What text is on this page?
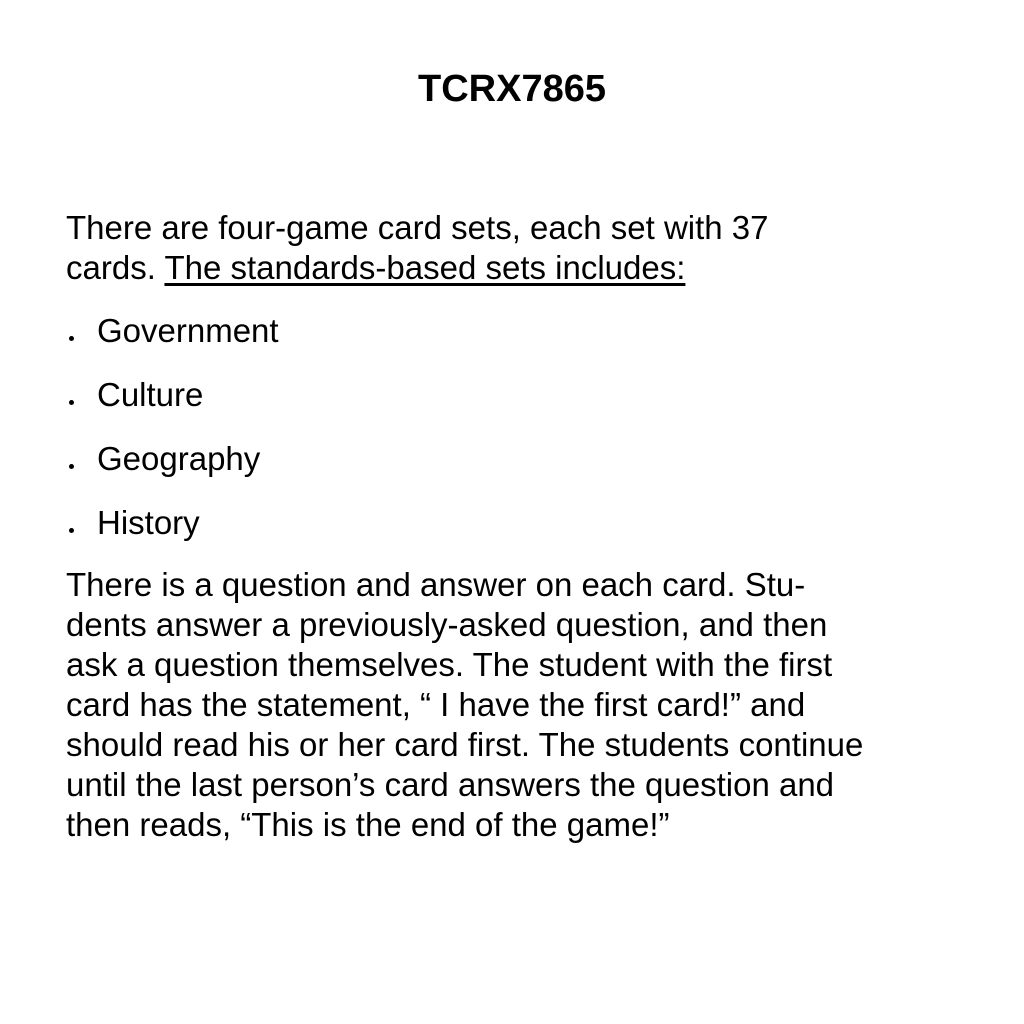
TCRX7865
There are four-game card sets, each set with 37
cards. The standards-based sets includes:
Government
Culture
Geography
History
There is a question and answer on each card. Stu-
dents answer a previously-asked question, and then
ask a question themselves. The student with the first
card has the statement, “ I have the first card!” and
should read his or her card first. The students continue
until the last person’s card answers the question and
then reads, “This is the end of the game!”
